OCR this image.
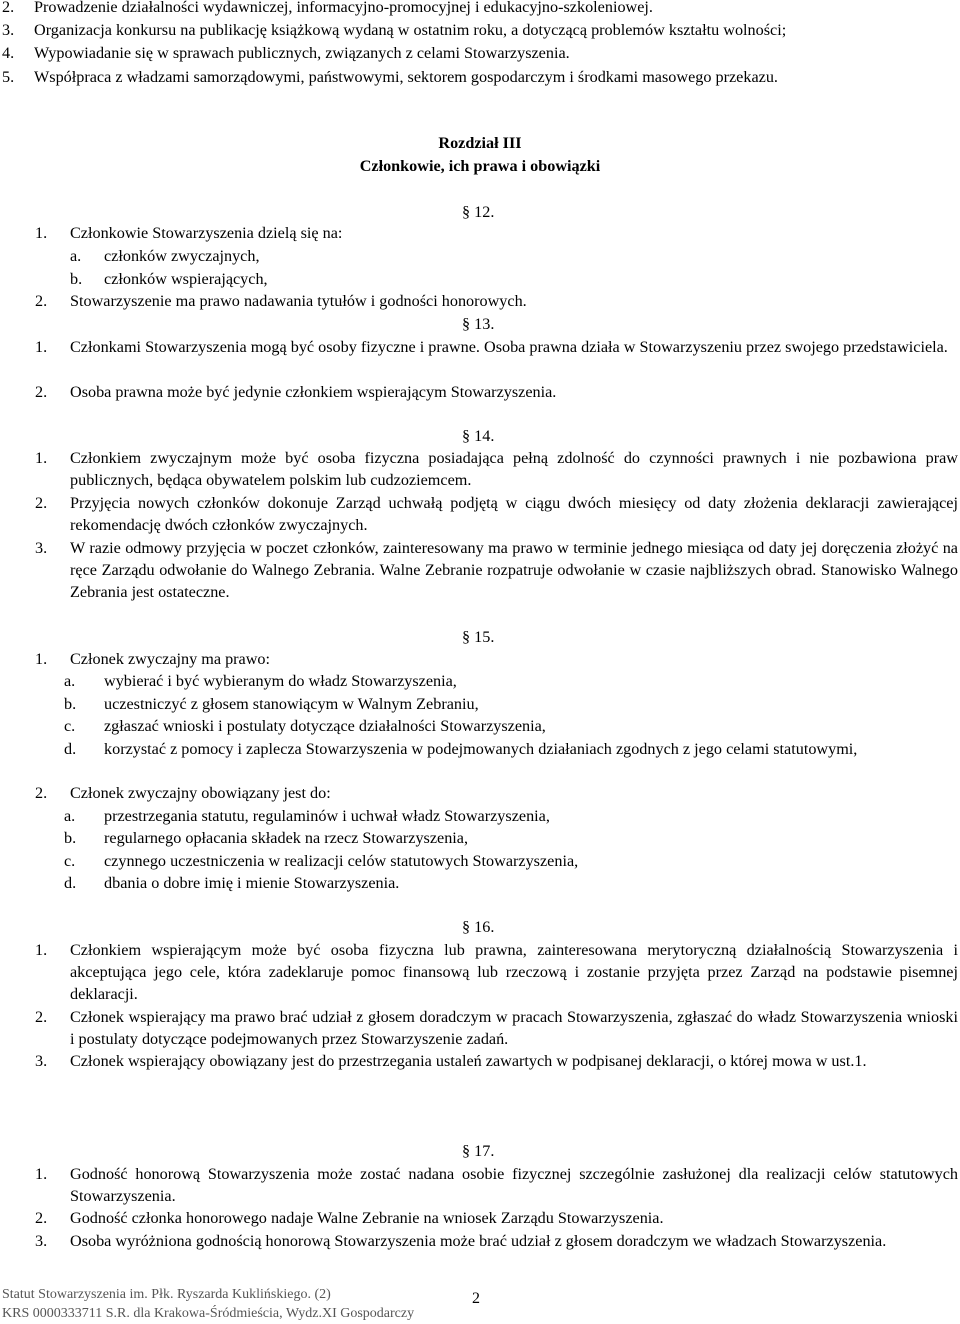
2. Prowadzenie działalności wydawniczej, informacyjno-promocyjnej i edukacyjno-szkoleniowej.
3. Organizacja konkursu na publikację książkową wydaną w ostatnim roku, a dotyczącą problemów kształtu wolności;
4. Wypowiadanie się w sprawach publicznych, związanych z celami Stowarzyszenia.
5. Współpraca z władzami samorządowymi, państwowymi, sektorem gospodarczym i środkami masowego przekazu.
Rozdział III
Członkowie, ich prawa i obowiązki
§ 12.
1. Członkowie Stowarzyszenia dzielą się na:
a. członków zwyczajnych,
b. członków wspierających,
2. Stowarzyszenie ma prawo nadawania tytułów i godności honorowych.
§ 13.
1. Członkami Stowarzyszenia mogą być osoby fizyczne i prawne. Osoba prawna działa w Stowarzyszeniu przez swojego przedstawiciela.
2. Osoba prawna może być jedynie członkiem wspierającym Stowarzyszenia.
§ 14.
1. Członkiem zwyczajnym może być osoba fizyczna posiadająca pełną zdolność do czynności prawnych i nie pozbawiona praw publicznych, będąca obywatelem polskim lub cudzoziemcem.
2. Przyjęcia nowych członków dokonuje Zarząd uchwałą podjętą w ciągu dwóch miesięcy od daty złożenia deklaracji zawierającej rekomendację dwóch członków zwyczajnych.
3. W razie odmowy przyjęcia w poczet członków, zainteresowany ma prawo w terminie jednego miesiąca od daty jej doręczenia złożyć na ręce Zarządu odwołanie do Walnego Zebrania. Walne Zebranie rozpatruje odwołanie w czasie najbliższych obrad. Stanowisko Walnego Zebrania jest ostateczne.
§ 15.
1. Członek zwyczajny ma prawo:
a. wybierać i być wybieranym do władz Stowarzyszenia,
b. uczestniczyć z głosem stanowiącym w Walnym Zebraniu,
c. zgłaszać wnioski i postulaty dotyczące działalności Stowarzyszenia,
d. korzystać z pomocy i zaplecza Stowarzyszenia w podejmowanych działaniach zgodnych z jego celami statutowymi,
2. Członek zwyczajny obowiązany jest do:
a. przestrzegania statutu, regulaminów i uchwał władz Stowarzyszenia,
b. regularnego opłacania składek na rzecz Stowarzyszenia,
c. czynnego uczestniczenia w realizacji celów statutowych Stowarzyszenia,
d. dbania o dobre imię i mienie Stowarzyszenia.
§ 16.
1. Członkiem wspierającym może być osoba fizyczna lub prawna, zainteresowana merytoryczną działalnością Stowarzyszenia i akceptująca jego cele, która zadeklaruje pomoc finansową lub rzeczową i zostanie przyjęta przez Zarząd na podstawie pisemnej deklaracji.
2. Członek wspierający ma prawo brać udział z głosem doradczym w pracach Stowarzyszenia, zgłaszać do władz Stowarzyszenia wnioski i postulaty dotyczące podejmowanych przez Stowarzyszenie zadań.
3. Członek wspierający obowiązany jest do przestrzegania ustaleń zawartych w podpisanej deklaracji, o której mowa w ust.1.
§ 17.
1. Godność honorową Stowarzyszenia może zostać nadana osobie fizycznej szczególnie zasłużonej dla realizacji celów statutowych Stowarzyszenia.
2. Godność członka honorowego nadaje Walne Zebranie na wniosek Zarządu Stowarzyszenia.
3. Osoba wyróżniona godnością honorową Stowarzyszenia może brać udział z głosem doradczym we władzach Stowarzyszenia.
Statut Stowarzyszenia im. Płk. Ryszarda Kuklińskiego. (2)
KRS 0000333711 S.R. dla Krakowa-Śródmieścia, Wydz.XI Gospodarczy
2
